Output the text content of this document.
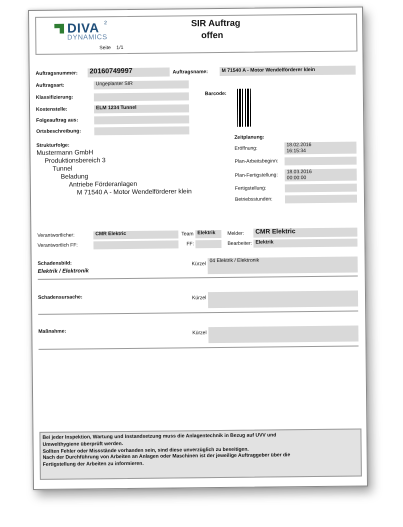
DIVA 2
DYNAMICS
SIR Auftrag
offen
Seite 1/1
Auftragsnummer: 20160749997	Auftragsname:	M 71540 A - Motor Wendelförderer klein
Auftragsart:	Ungeplanter SIR
Klassifizierung:
Barcode:
Kostenstelle:	ELM 1234 Tunnel
Folgeauftrag aus:
Ortsbeschreibung:
Strukturfolge:
Mustermann GmbH
Produktionsbereich 3
Tunnel
Beladung
Antriebe Förderanlagen
M 71540 A - Motor Wendelförderer klein
Zeitplanung:
Eröffnung:
18.02.2016
16:15:34
Plan-Arbeitsbeginn:
Plan-Fertigstellung:
18.03.2016
00:00:00
Fertigstellung:
Betriebsstunden:
Verantwortlicher:	CMR Elektric	Team Elektrik Melder: CMR Elektric
Verantwortlich FF:	FF:	Bearbeiter: Elektrik
Schadensbild:
Elektrik / Elektronik
Kürzel
04 Elektrik / Elektronik
Schadensursache:	Kürzel
Maßnahme:	Kürzel
Bei jeder Inspektion, Wartung und Instandsetzung muss die Anlagentechnik in Bezug auf UVV und
Umwelthygiene überprüft werden.
Sollten Fehler oder Missstände vorhanden sein, sind diese unverzüglich zu beseitigen.
Nach der Durchführung von Arbeiten an Anlagen oder Maschinen ist der jeweilige Auftraggeber über die
Fertigstellung der Arbeiten zu informieren.
